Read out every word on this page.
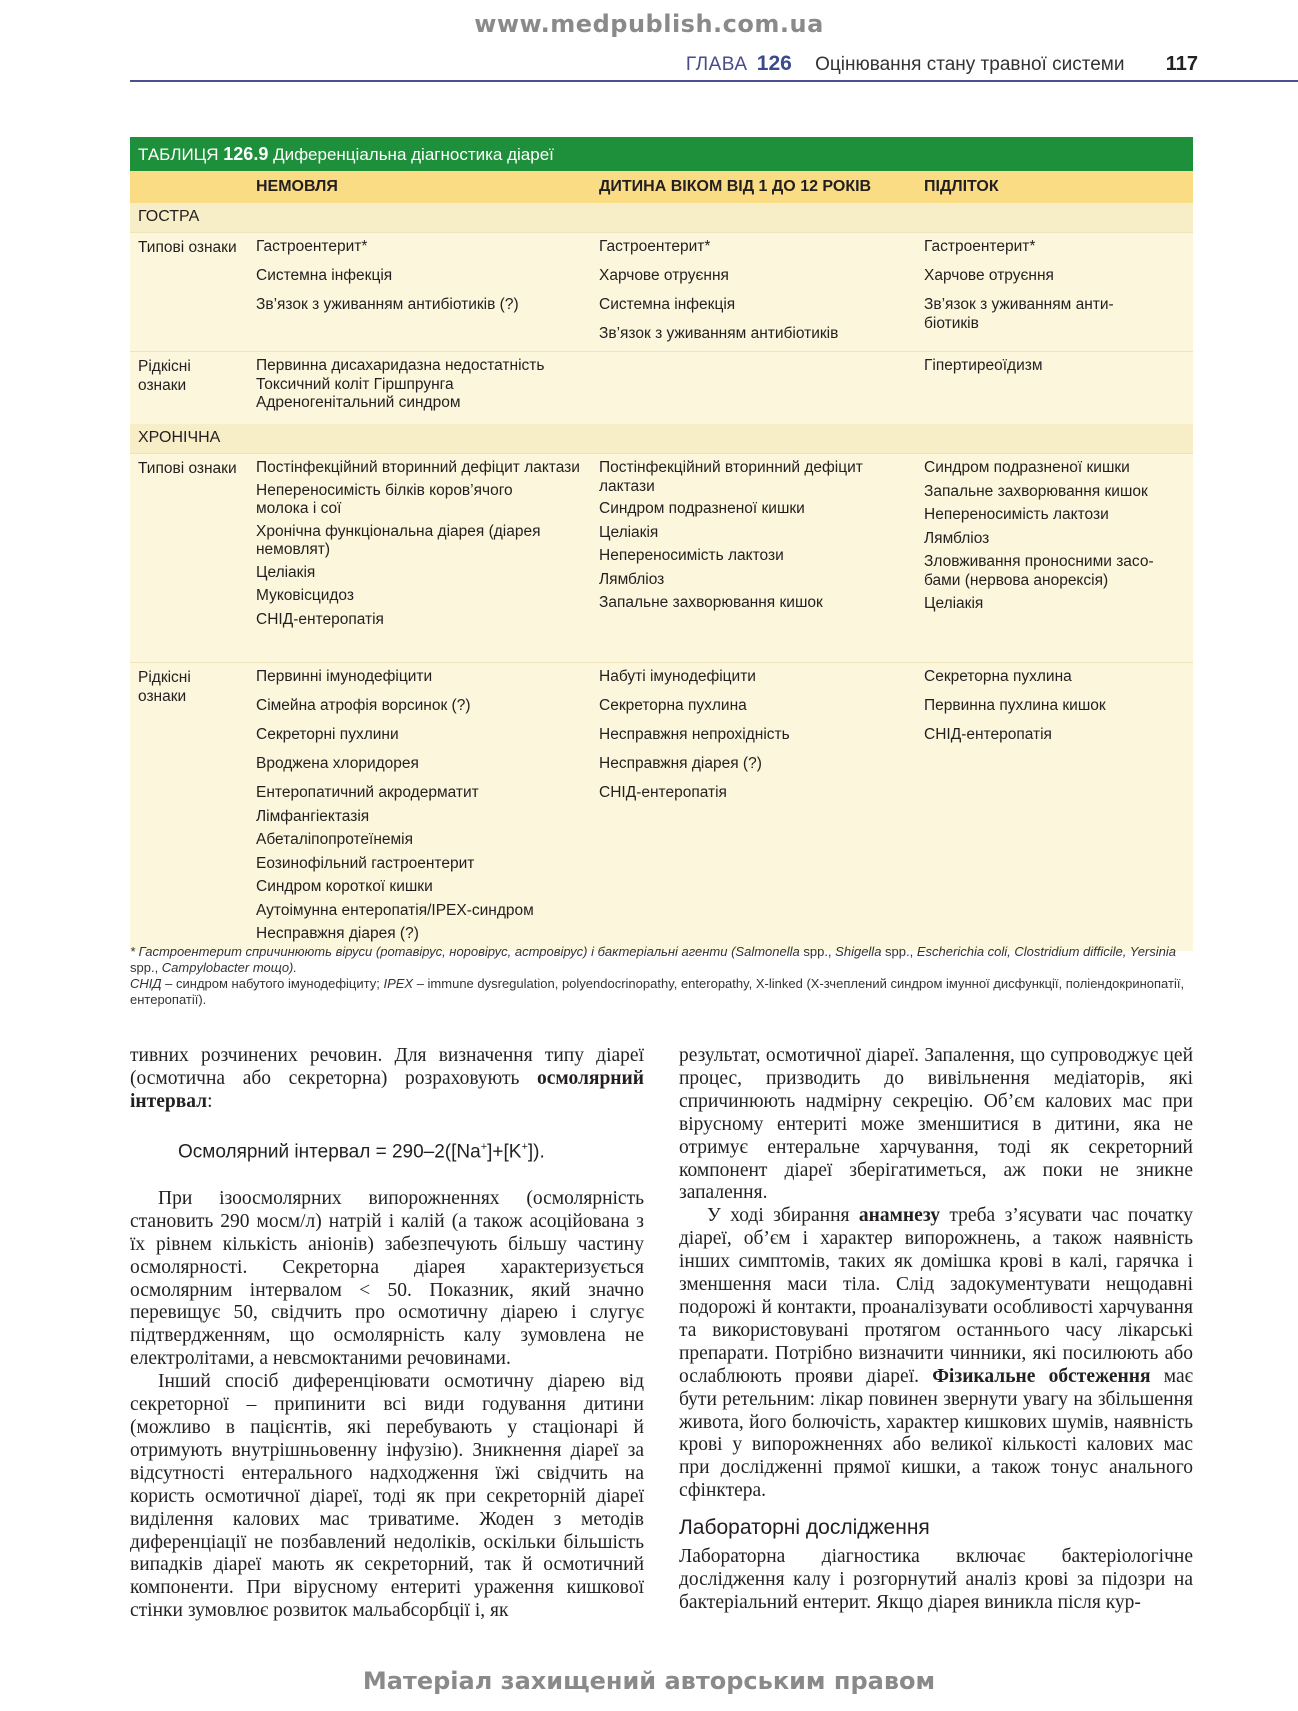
www.medpublish.com.ua
ГЛАВА 126 Оцінювання стану травної системи 117
ТАБЛИЦЯ 126.9 Диференціальна діагностика діареї
НЕМОВЛЯ	ДИТИНА ВІКОМ ВІД 1 ДО 12 РОКІВ	ПІДЛІТОК
ГОСТРА
Типові ознаки Гастроентерит*

Системна інфекція

Зв’язок з уживанням антибіотиків (?)

Гастроентерит*

Харчове отруєння

Системна інфекція

Зв’язок з уживанням антибіотиків

Гастроентерит*

Харчове отруєння

Зв’язок з уживанням анти-біотиків

Рідкісні ознаки

Первинна дисахаридазна недостатність

Токсичний коліт Гіршпрунга

Адреногенітальний синдром

Гіпертиреоїдизм

ХРОНІЧНА
Типові ознаки Постінфекційний вторинний дефіцит лактази

Непереносимість білків коров’ячого молока і сої

Хронічна функціональна діарея (діарея немовлят)

Целіакія

Муковісцидоз

СНІД-ентеропатія

Постінфекційний вторинний дефіцит лактази

Синдром подразненої кишки

Целіакія

Непереносимість лактози

Лямбліоз

Запальне захворювання кишок

Синдром подразненої кишки

Запальне захворювання кишок

Непереносимість лактози

Лямбліоз

Зловживання проносними засо-бами (нервова анорексія)

Целіакія

Рідкісні ознаки

Первинні імунодефіцити

Сімейна атрофія ворсинок (?)

Секреторні пухлини

Вроджена хлоридорея

Ентеропатичний акродерматит

Лімфангіектазія

Абеталіпопротеїнемія

Еозинофільний гастроентерит

Синдром короткої кишки

Аутоімунна ентеропатія/IPEX-синдром

Несправжня діарея (?)

Набуті імунодефіцити

Секреторна пухлина

Несправжня непрохідність

Несправжня діарея (?)

СНІД-ентеропатія

Секреторна пухлина

Первинна пухлина кишок

СНІД-ентеропатія

* Гастроентерит спричинюють віруси (ротавірус, норовірус, астровірус) і бактеріальні агенти (Salmonella spp., Shigella spp., Escherichia coli, Clostridium difficile, Yersinia spp., Campylobacter тощо).
СНІД – синдром набутого імунодефіциту; IPEX – immune dysregulation, polyendocrinopathy, enteropathy, X-linked (X-зчеплений синдром імунної дисфункції, поліендокринопатії, ентеропатії).

тивних розчинених речовин. Для визначення типу діареї (осмотична або секреторна) розраховують осмолярний інтервал:

Осмолярний інтервал = 290–2([Na+]+[K+]).

При ізоосмолярних випорожненнях (осмолярність становить 290 мосм/л) натрій і калій (а також асоційована з їх рівнем кількість аніонів) забезпечують більшу частину осмолярності. Секреторна діарея характеризується осмолярним інтервалом < 50. Показник, який значно перевищує 50, свідчить про осмотичну діарею і слугує підтвердженням, що осмолярність калу зумовлена не електролітами, а невсмоктаними речовинами.

Інший спосіб диференціювати осмотичну діарею від секреторної – припинити всі види годування дитини (можливо в пацієнтів, які перебувають у стаціонарі й отримують внутрішньовенну інфузію). Зникнення діареї за відсутності ентерального надходження їжі свідчить на користь осмотичної діареї, тоді як при секреторній діареї виділення калових мас триватиме. Жоден з методів диференціації не позбавлений недоліків, оскільки більшість випадків діареї мають як секреторний, так й осмотичний компоненти. При вірусному ентериті ураження кишкової стінки зумовлює розвиток мальабсорбції і, як

результат, осмотичної діареї. Запалення, що супроводжує цей процес, призводить до вивільнення медіаторів, які спричинюють надмірну секрецію. Об’єм калових мас при вірусному ентериті може зменшитися в дитини, яка не отримує ентеральне харчування, тоді як секреторний компонент діареї зберігатиметься, аж поки не зникне запалення.

У ході збирання анамнезу треба з’ясувати час початку діареї, об’єм і характер випорожнень, а також наявність інших симптомів, таких як домішка крові в калі, гарячка і зменшення маси тіла. Слід задокументувати нещодавні подорожі й контакти, проаналізувати особливості харчування та використовувані протягом останнього часу лікарські препарати. Потрібно визначити чинники, які посилюють або ослаблюють прояви діареї. Фізикальне обстеження має бути ретельним: лікар повинен звернути увагу на збільшення живота, його болючість, характер кишкових шумів, наявність крові у випорожненнях або великої кількості калових мас при дослідженні прямої кишки, а також тонус анального сфінктера.

Лабораторні дослідження

Лабораторна діагностика включає бактеріологічне дослідження калу і розгорнутий аналіз крові за підозри на бактеріальний ентерит. Якщо діарея виникла після кур-

Матеріал захищений авторським правом
